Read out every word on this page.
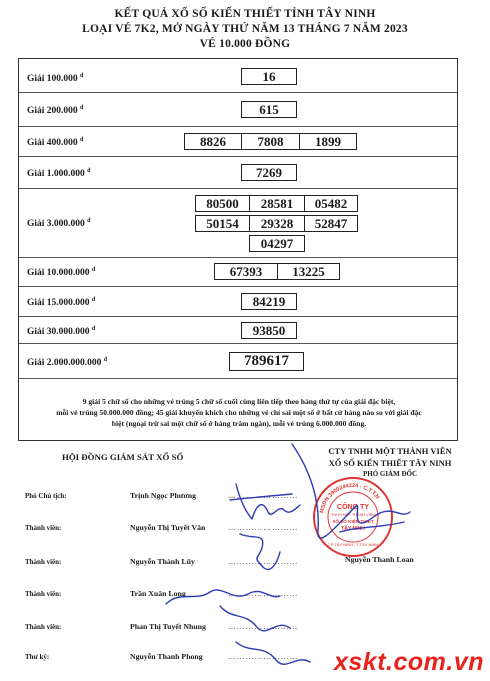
KẾT QUẢ XỔ SỐ KIẾN THIẾT TỈNH TÂY NINH
LOẠI VÉ 7K2, MỞ NGÀY THỨ NĂM 13 THÁNG 7 NĂM 2023
VÉ 10.000 ĐỒNG
Giải 100.000 $^đ$	16
Giải 200.000 $^đ$	615
Giải 400.000 $^đ$	8826	7808	1899
Giải 1.000.000 $^đ$	7269
Giải 3.000.000 $^đ$
80500	28581	05482
50154	29328	52847
04297
Giải 10.000.000 $^đ$	67393	13225
Giải 15.000.000 $^đ$	84219
Giải 30.000.000 $^đ$	93850
Giải 2.000.000.000 $^đ$	789617
9 giải 5 chữ số cho những vé trúng 5 chữ số cuối cùng liên tiếp theo hàng thứ tự của giải đặc biệt,
mỗi vé trúng 50.000.000 đồng; 45 giải khuyến khích cho những vé chỉ sai một số ở bất cứ hàng nào so với giải đặc
biệt (ngoại trừ sai một chữ số ở hàng trăm ngàn), mỗi vé trúng 6.000.000 đồng.
CTY TNHH MỘT THÀNH VIÊN
XỔ SỐ KIẾN THIẾT TÂY NINH
PHÓ GIÁM ĐỐC
HỘI ĐỒNG GIÁM SÁT XỔ SỐ
Phó Chủ tịch:	Trịnh Ngọc Phương	……………………
Thành viên:	Nguyễn Thị Tuyết Vân	……………………
Thành viên:	Nguyễn Thành Lũy	……………………
Thành viên:	Trần Xuân Long	……………………
Thành viên:	Phan Thị Tuyết Nhung	……………………
Thư ký:	Nguyễn Thanh Phong	……………………
Nguyễn Thanh Loan
MSDN 3900244224 · C.T.T.N
CÔNG TY
TNHH MỘT THÀNH VIÊN
XỔ SỐ KIẾN THIẾT
TÂY NINH
T.P TÂY NINH - T.TÂY NINH
xskt.com.vn
